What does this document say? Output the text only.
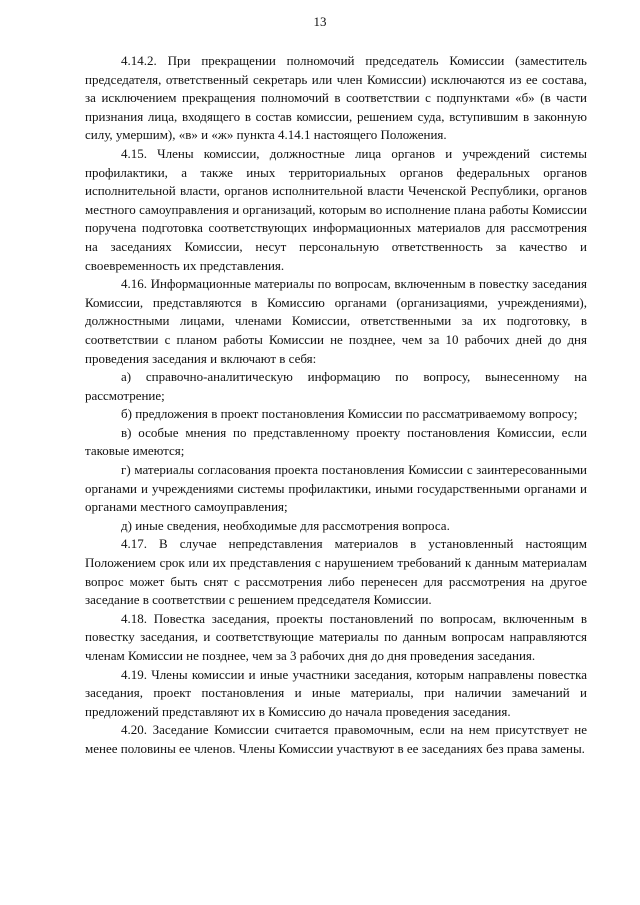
13

4.14.2. При прекращении полномочий председатель Комиссии (заместитель председателя, ответственный секретарь или член Комиссии) исключаются из ее состава, за исключением прекращения полномочий в соответствии с подпунктами «б» (в части признания лица, входящего в состав комиссии, решением суда, вступившим в законную силу, умершим), «в» и «ж» пункта 4.14.1 настоящего Положения.

4.15. Члены комиссии, должностные лица органов и учреждений системы профилактики, а также иных территориальных органов федеральных органов исполнительной власти, органов исполнительной власти Чеченской Республики, органов местного самоуправления и организаций, которым во исполнение плана работы Комиссии поручена подготовка соответствующих информационных материалов для рассмотрения на заседаниях Комиссии, несут персональную ответственность за качество и своевременность их представления.

4.16. Информационные материалы по вопросам, включенным в повестку заседания Комиссии, представляются в Комиссию органами (организациями, учреждениями), должностными лицами, членами Комиссии, ответственными за их подготовку, в соответствии с планом работы Комиссии не позднее, чем за 10 рабочих дней до дня проведения заседания и включают в себя:

а) справочно-аналитическую информацию по вопросу, вынесенному на рассмотрение;

б) предложения в проект постановления Комиссии по рассматриваемому вопросу;

в) особые мнения по представленному проекту постановления Комиссии, если таковые имеются;

г) материалы согласования проекта постановления Комиссии с заинтересованными органами и учреждениями системы профилактики, иными государственными органами и органами местного самоуправления;

д) иные сведения, необходимые для рассмотрения вопроса.

4.17. В случае непредставления материалов в установленный настоящим Положением срок или их представления с нарушением требований к данным материалам вопрос может быть снят с рассмотрения либо перенесен для рассмотрения на другое заседание в соответствии с решением председателя Комиссии.

4.18. Повестка заседания, проекты постановлений по вопросам, включенным в повестку заседания, и соответствующие материалы по данным вопросам направляются членам Комиссии не позднее, чем за 3 рабочих дня до дня проведения заседания.

4.19. Члены комиссии и иные участники заседания, которым направлены повестка заседания, проект постановления и иные материалы, при наличии замечаний и предложений представляют их в Комиссию до начала проведения заседания.

4.20. Заседание Комиссии считается правомочным, если на нем присутствует не менее половины ее членов. Члены Комиссии участвуют в ее заседаниях без права замены.
